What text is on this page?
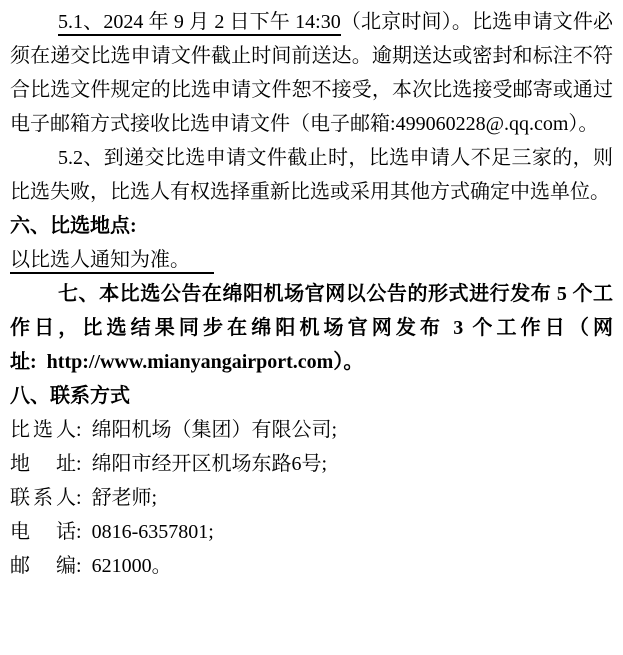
5.1、2024 年 9 月 2 日下午 14:30（北京时间）。比选申请文件必须在递交比选申请文件截止时间前送达。逾期送达或密封和标注不符合比选文件规定的比选申请文件恕不接受，本次比选接受邮寄或通过电子邮箱方式接收比选申请文件（电子邮箱:499060228@.qq.com）。

5.2、到递交比选申请文件截止时，比选申请人不足三家的，则比选失败，比选人有权选择重新比选或采用其他方式确定中选单位。

六、比选地点:

以比选人通知为准。

七、本比选公告在绵阳机场官网以公告的形式进行发布 5 个工作日，比选结果同步在绵阳机场官网发布 3 个工作日（网址: http://www.mianyangairport.com）。

八、联系方式

比选人: 绵阳机场（集团）有限公司;

地址: 绵阳市经开区机场东路6号;

联系人: 舒老师;

电话: 0816-6357801;

邮编: 621000。
